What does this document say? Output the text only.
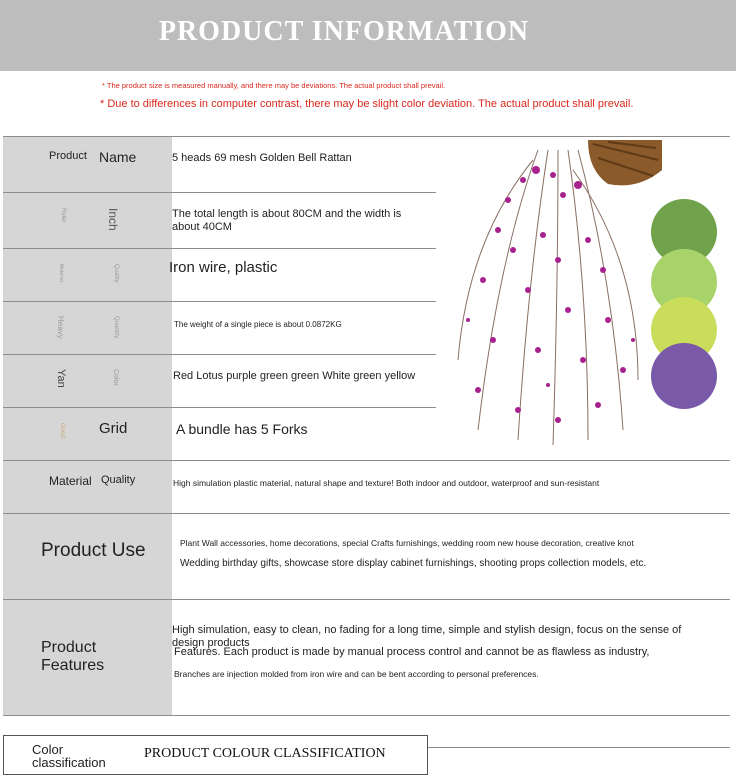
PRODUCT INFORMATION
* The product size is measured manually, and there may be deviations. The actual product shall prevail.
* Due to differences in computer contrast, there may be slight color deviation. The actual product shall prevail.
Product Name	5 heads 69 mesh Golden Bell Rattan
Ruler	Inch	The total length is about 80CM and the width is
about 40CM
Material	Quality	Iron wire, plastic
Heavy	Quantity	The weight of a single piece is about 0.0872KG
Yan	Color	Red Lotus purple green green White green yellow
Good Grid	A bundle has 5 Forks
Material Quality	High simulation plastic material, natural shape and texture! Both indoor and outdoor, waterproof and sun-resistant
Product Use	Plant Wall accessories, home decorations, special Crafts furnishings, wedding room new house decoration, creative knot
Wedding birthday gifts, showcase store display cabinet furnishings, shooting props collection models, etc.
Product
Features
High simulation, easy to clean, no fading for a long time, simple and stylish design, focus on the sense of
design products
Features. Each product is made by manual process control and cannot be as flawless as industry,
Branches are injection molded from iron wire and can be bent according to personal preferences.
Color
classification
PRODUCT COLOUR CLASSIFICATION
